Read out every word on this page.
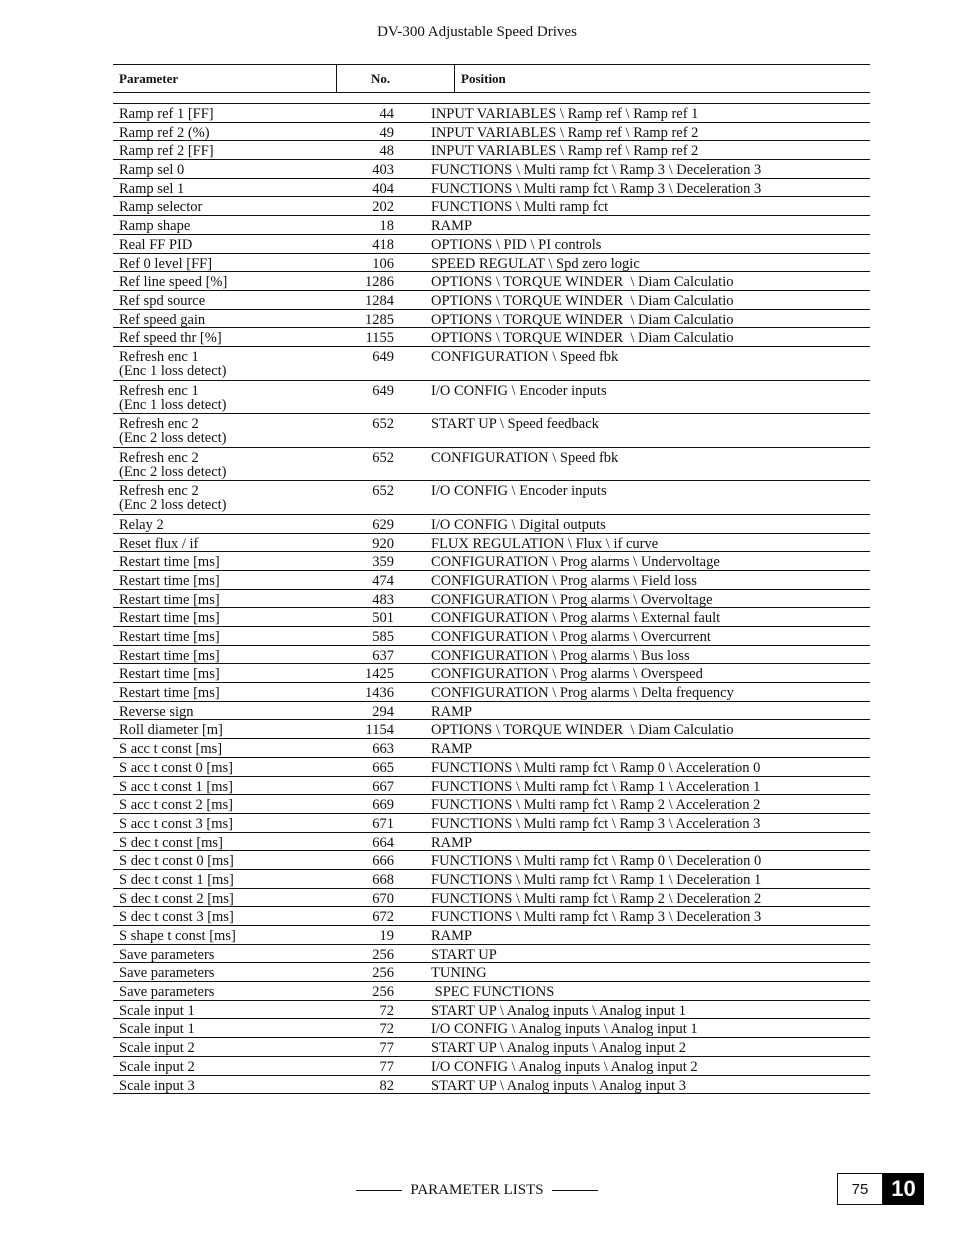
DV-300 Adjustable Speed Drives
Parameter	No.	Position
Ramp ref 1 [FF]	44	INPUT VARIABLES \ Ramp ref \ Ramp ref 1
Ramp ref 2 (%)	49	INPUT VARIABLES \ Ramp ref \ Ramp ref 2
Ramp ref 2 [FF]	48	INPUT VARIABLES \ Ramp ref \ Ramp ref 2
Ramp sel 0	403	FUNCTIONS \ Multi ramp fct \ Ramp 3 \ Deceleration 3
Ramp sel 1	404	FUNCTIONS \ Multi ramp fct \ Ramp 3 \ Deceleration 3
Ramp selector	202	FUNCTIONS \ Multi ramp fct
Ramp shape	18	RAMP
Real FF PID	418	OPTIONS \ PID \ PI controls
Ref 0 level [FF]	106	SPEED REGULAT \ Spd zero logic
Ref line speed [%]	1286	OPTIONS \ TORQUE WINDER  \ Diam Calculatio
Ref spd source	1284	OPTIONS \ TORQUE WINDER  \ Diam Calculatio
Ref speed gain	1285	OPTIONS \ TORQUE WINDER  \ Diam Calculatio
Ref speed thr [%]	1155	OPTIONS \ TORQUE WINDER  \ Diam Calculatio
Refresh enc 1
(Enc 1 loss detect)
649	CONFIGURATION \ Speed fbk
Refresh enc 1
(Enc 1 loss detect)
649	I/O CONFIG \ Encoder inputs
Refresh enc 2
(Enc 2 loss detect)
652	START UP \ Speed feedback
Refresh enc 2
(Enc 2 loss detect)
652	CONFIGURATION \ Speed fbk
Refresh enc 2
(Enc 2 loss detect)
652	I/O CONFIG \ Encoder inputs
Relay 2	629	I/O CONFIG \ Digital outputs
Reset flux / if	920	FLUX REGULATION \ Flux \ if curve
Restart time [ms]	359	CONFIGURATION \ Prog alarms \ Undervoltage
Restart time [ms]	474	CONFIGURATION \ Prog alarms \ Field loss
Restart time [ms]	483	CONFIGURATION \ Prog alarms \ Overvoltage
Restart time [ms]	501	CONFIGURATION \ Prog alarms \ External fault
Restart time [ms]	585	CONFIGURATION \ Prog alarms \ Overcurrent
Restart time [ms]	637	CONFIGURATION \ Prog alarms \ Bus loss
Restart time [ms]	1425	CONFIGURATION \ Prog alarms \ Overspeed
Restart time [ms]	1436	CONFIGURATION \ Prog alarms \ Delta frequency
Reverse sign	294	RAMP
Roll diameter [m]	1154	OPTIONS \ TORQUE WINDER  \ Diam Calculatio
S acc t const [ms]	663	RAMP
S acc t const 0 [ms]	665	FUNCTIONS \ Multi ramp fct \ Ramp 0 \ Acceleration 0
S acc t const 1 [ms]	667	FUNCTIONS \ Multi ramp fct \ Ramp 1 \ Acceleration 1
S acc t const 2 [ms]	669	FUNCTIONS \ Multi ramp fct \ Ramp 2 \ Acceleration 2
S acc t const 3 [ms]	671	FUNCTIONS \ Multi ramp fct \ Ramp 3 \ Acceleration 3
S dec t const [ms]	664	RAMP
S dec t const 0 [ms]	666	FUNCTIONS \ Multi ramp fct \ Ramp 0 \ Deceleration 0
S dec t const 1 [ms]	668	FUNCTIONS \ Multi ramp fct \ Ramp 1 \ Deceleration 1
S dec t const 2 [ms]	670	FUNCTIONS \ Multi ramp fct \ Ramp 2 \ Deceleration 2
S dec t const 3 [ms]	672	FUNCTIONS \ Multi ramp fct \ Ramp 3 \ Deceleration 3
S shape t const [ms]	19	RAMP
Save parameters	256	START UP
Save parameters	256	TUNING
Save parameters	256	SPEC FUNCTIONS
Scale input 1	72	START UP \ Analog inputs \ Analog input 1
Scale input 1	72	I/O CONFIG \ Analog inputs \ Analog input 1
Scale input 2	77	START UP \ Analog inputs \ Analog input 2
Scale input 2	77	I/O CONFIG \ Analog inputs \ Analog input 2
Scale input 3	82	START UP \ Analog inputs \ Analog input 3
PARAMETER LISTS	75	10
